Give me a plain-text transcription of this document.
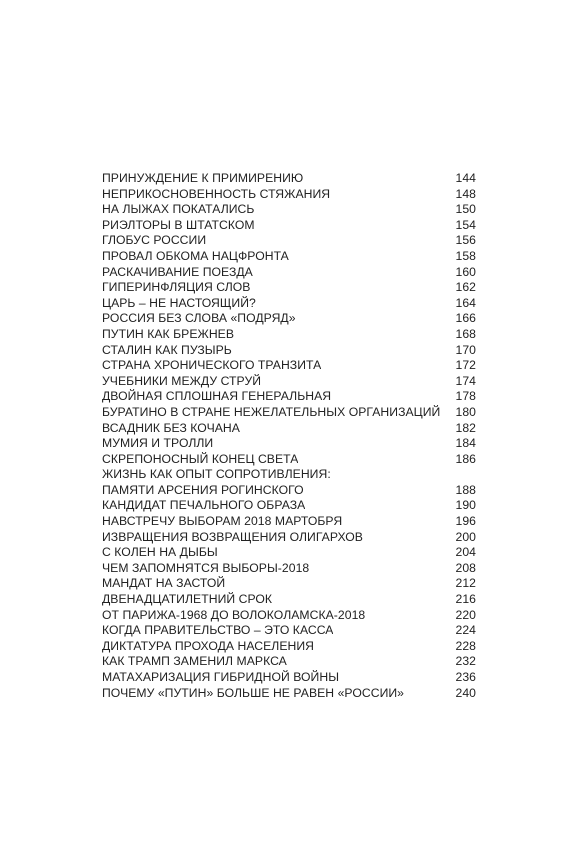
ПРИНУЖДЕНИЕ К ПРИМИРЕНИЮ	144
НЕПРИКОСНОВЕННОСТЬ СТЯЖАНИЯ	148
НА ЛЫЖАХ ПОКАТАЛИСЬ	150
РИЭЛТОРЫ В ШТАТСКОМ	154
ГЛОБУС РОССИИ	156
ПРОВАЛ ОБКОМА НАЦФРОНТА	158
РАСКАЧИВАНИЕ ПОЕЗДА	160
ГИПЕРИНФЛЯЦИЯ СЛОВ	162
ЦАРЬ – НЕ НАСТОЯЩИЙ?	164
РОССИЯ БЕЗ СЛОВА «ПОДРЯД»	166
ПУТИН КАК БРЕЖНЕВ	168
СТАЛИН КАК ПУЗЫРЬ	170
СТРАНА ХРОНИЧЕСКОГО ТРАНЗИТА	172
УЧЕБНИКИ МЕЖДУ СТРУЙ	174
ДВОЙНАЯ СПЛОШНАЯ ГЕНЕРАЛЬНАЯ	178
БУРАТИНО В СТРАНЕ НЕЖЕЛАТЕЛЬНЫХ ОРГАНИЗАЦИЙ 180
ВСАДНИК БЕЗ КОЧАНА	182
МУМИЯ И ТРОЛЛИ	184
СКРЕПОНОСНЫЙ КОНЕЦ СВЕТА	186
ЖИЗНЬ КАК ОПЫТ СОПРОТИВЛЕНИЯ:
ПАМЯТИ АРСЕНИЯ РОГИНСКОГО	188
КАНДИДАТ ПЕЧАЛЬНОГО ОБРАЗА	190
НАВСТРЕЧУ ВЫБОРАМ 2018 МАРТОБРЯ	196
ИЗВРАЩЕНИЯ ВОЗВРАЩЕНИЯ ОЛИГАРХОВ	200
С КОЛЕН НА ДЫБЫ	204
ЧЕМ ЗАПОМНЯТСЯ ВЫБОРЫ-2018	208
МАНДАТ НА ЗАСТОЙ	212
ДВЕНАДЦАТИЛЕТНИЙ СРОК	216
ОТ ПАРИЖА-1968 ДО ВОЛОКОЛАМСКА-2018	220
КОГДА ПРАВИТЕЛЬСТВО – ЭТО КАССА	224
ДИКТАТУРА ПРОХОДА НАСЕЛЕНИЯ	228
КАК ТРАМП ЗАМЕНИЛ МАРКСА	232
МАТАХАРИЗАЦИЯ ГИБРИДНОЙ ВОЙНЫ	236
ПОЧЕМУ «ПУТИН» БОЛЬШЕ НЕ РАВЕН «РОССИИ»	240
